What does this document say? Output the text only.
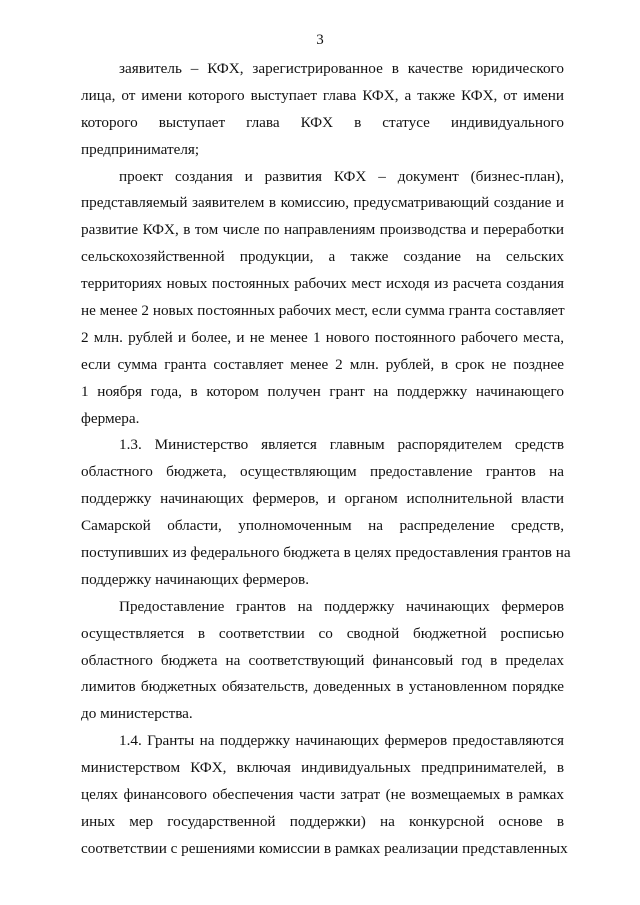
3
заявитель – КФХ, зарегистрированное в качестве юридического
лица, от имени которого выступает глава КФХ, а также КФХ, от имени
которого выступает глава КФХ в статусе индивидуального
предпринимателя;
проект создания и развития КФХ – документ (бизнес-план),
представляемый заявителем в комиссию, предусматривающий создание и
развитие КФХ, в том числе по направлениям производства и переработки
сельскохозяйственной продукции, а также создание на сельских
территориях новых постоянных рабочих мест исходя из расчета создания
не менее 2 новых постоянных рабочих мест, если сумма гранта составляет
2 млн. рублей и более, и не менее 1 нового постоянного рабочего места,
если сумма гранта составляет менее 2 млн. рублей, в срок не позднее
1 ноября года, в котором получен грант на поддержку начинающего
фермера.
1.3. Министерство является главным распорядителем средств
областного бюджета, осуществляющим предоставление грантов на
поддержку начинающих фермеров, и органом исполнительной власти
Самарской области, уполномоченным на распределение средств,
поступивших из федерального бюджета в целях предоставления грантов на
поддержку начинающих фермеров.
Предоставление грантов на поддержку начинающих фермеров
осуществляется в соответствии со сводной бюджетной росписью
областного бюджета на соответствующий финансовый год в пределах
лимитов бюджетных обязательств, доведенных в установленном порядке
до министерства.
1.4. Гранты на поддержку начинающих фермеров предоставляются
министерством КФХ, включая индивидуальных предпринимателей, в
целях финансового обеспечения части затрат (не возмещаемых в рамках
иных мер государственной поддержки) на конкурсной основе в
соответствии с решениями комиссии в рамках реализации представленных
